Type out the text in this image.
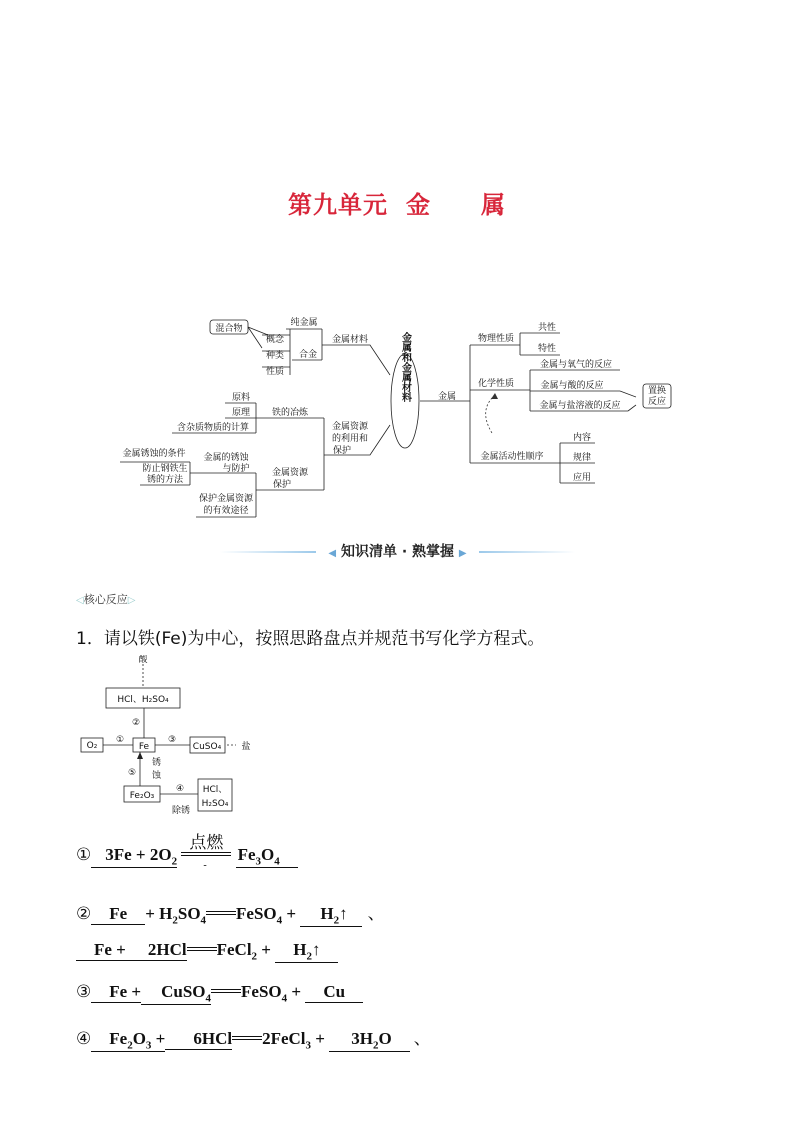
第九单元 金 属
金属和金属材料
混合物
纯金属
概念
种类
性质
合金
金属材料
原料
原理 铁的冶炼
含杂质物质的计算	金属资源
的利用和
保护
金属锈蚀的条件
防止钢铁生
锈的方法
金属的锈蚀
与防护 金属资源
保护
保护金属资源
的有效途径
金属
物理性质
共性
特性
化学性质
金属与氧气的反应
金属与酸的反应
金属与盐溶液的反应
置换
反应
金属活动性顺序
内容
规律
应用
◀ 知识清单 · 熟掌握 ▶
◁核心反应▷
1．请以铁(Fe)为中心，按照思路盘点并规范书写化学方程式。
酸
HCl、H₂SO₄
O₂	Fe	CuSO₄ 盐
Fe₂O₃
HCl、
H₂SO₄
锈
蚀
除锈
②
①	③
⑤
④
① $3Fe + 2O_2$
点燃
-
$Fe_3O_4$
② $Fe + H_2SO_4$ FeSO$_4$ + $H_2↑$ 、
Fe + 2HCl FeCl$_2$ + $H_2↑$
③ Fe + CuSO$_4$ FeSO$_4$ + Cu
④ $Fe_2O_3 + 6HCl$ 2FeCl$_3$ + $3H_2O$ 、
